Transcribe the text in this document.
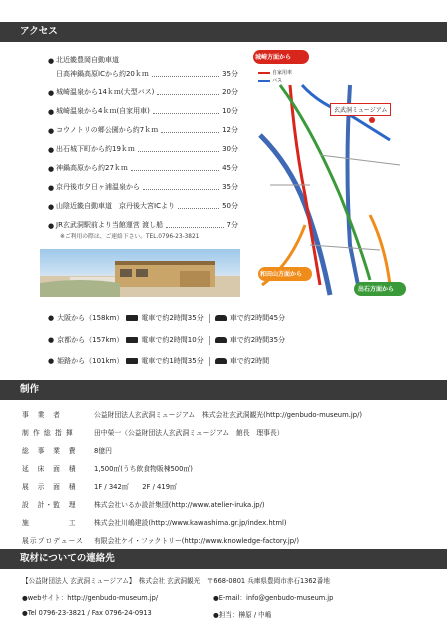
アクセス
● 北近畿豊岡自動車道
日高神鍋高原ICから約20ｋｍ	35分
● 城崎温泉から14ｋｍ(大型バス)	20分
● 城崎温泉から4ｋｍ(自家用車)	10分
● コウノトリの郷公園から約7ｋｍ	12分
● 出石城下町から約19ｋｍ	30分
● 神鍋高原から約27ｋｍ	45分
● 京丹後市夕日ヶ浦温泉から	35分
● 山陰近畿自動車道　京丹後大宮ICより	50分
● JR玄武洞駅前より当館運営 渡し船	7分
※ご利用の際は、ご連絡下さい。TEL.0796-23-3821
城崎方面から
自家用車
バス
玄武洞ミュージアム
和田山方面から
出石方面から
● 大阪から（158km）	電車で約2時間35分	車で約2時間45分
● 京都から（157km）	電車で約2時間10分	車で約2時間35分
● 姫路から（101km）	電車で約1時間35分	車で約2時間
制作
事　業　者	公益財団法人玄武洞ミュージアム　株式会社玄武洞観光(http://genbudo-museum.jp/)
制 作 総 指 揮	田中榮一（公益財団法人玄武洞ミュージアム　館長　理事長）
総　事　業　費	8億円
延　床　面　積	1,500㎡(うち飲食物販棟500㎡)
展　示　面　積	1F / 342㎡　　2F / 419㎡
設　計・監　理	株式会社いるか設計集団(http://www.atelier-iruka.jp/)
施　　　　　工	株式会社川嶋建設(http://www.kawashima.gr.jp/index.html)
展示プロデュース	有限会社ケイ・ファクトリー(http://www.knowledge-factory.jp/)
取材についての連絡先
【公益財団法人 玄武洞ミュージアム】　株式会社 玄武洞観光　〒668-0801 兵庫県豊岡市赤石1362番地
●webサイト：http://genbudo-museum.jp/	●E-mail：info@genbudo-museum.jp
●Tel 0796-23-3821 / Fax 0796-24-0913	●担当：榊原 / 中嶋
